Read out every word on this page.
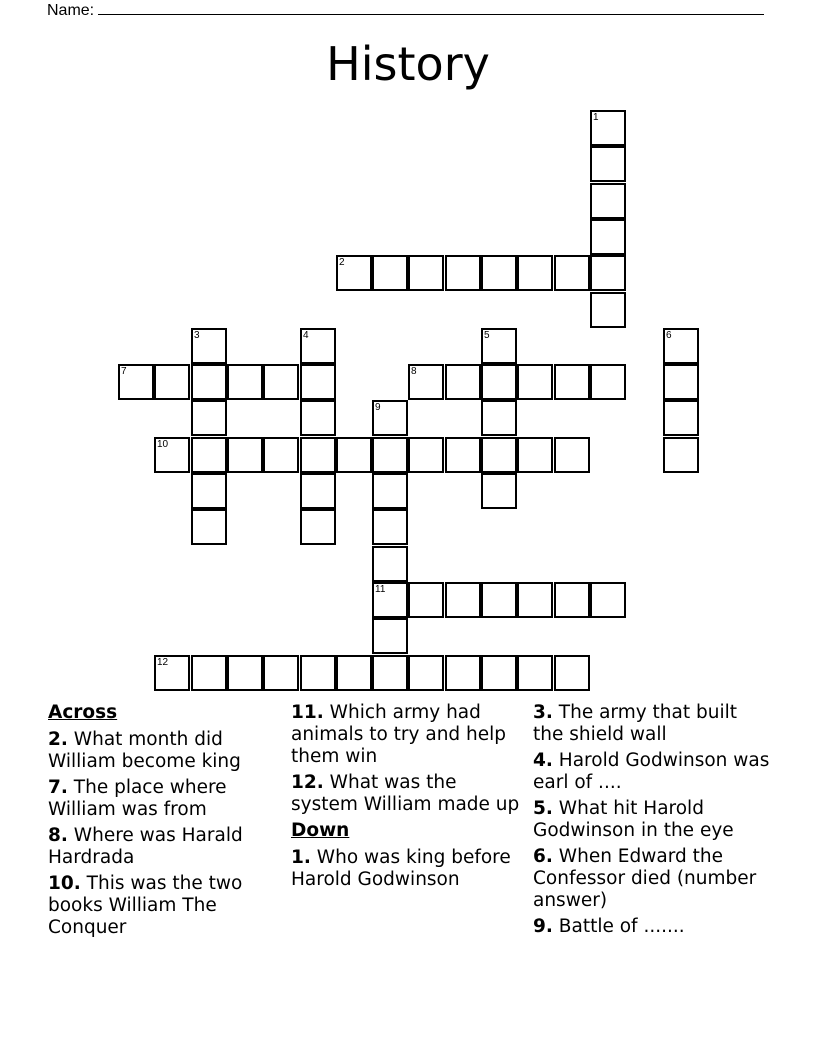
Name:
History
1
2
3	4	5	6
7	8
9
11
10
12
Across
2. What month did William become king
7. The place where William was from
8. Where was Harald Hardrada
10. This was the two books William The Conquer
11. Which army had animals to try and help them win
12. What was the system William made up
Down
1. Who was king before Harold Godwinson
3. The army that built the shield wall
4. Harold Godwinson was earl of ....
5. What hit Harold Godwinson in the eye
6. When Edward the Confessor died (number answer)
9. Battle of .......
